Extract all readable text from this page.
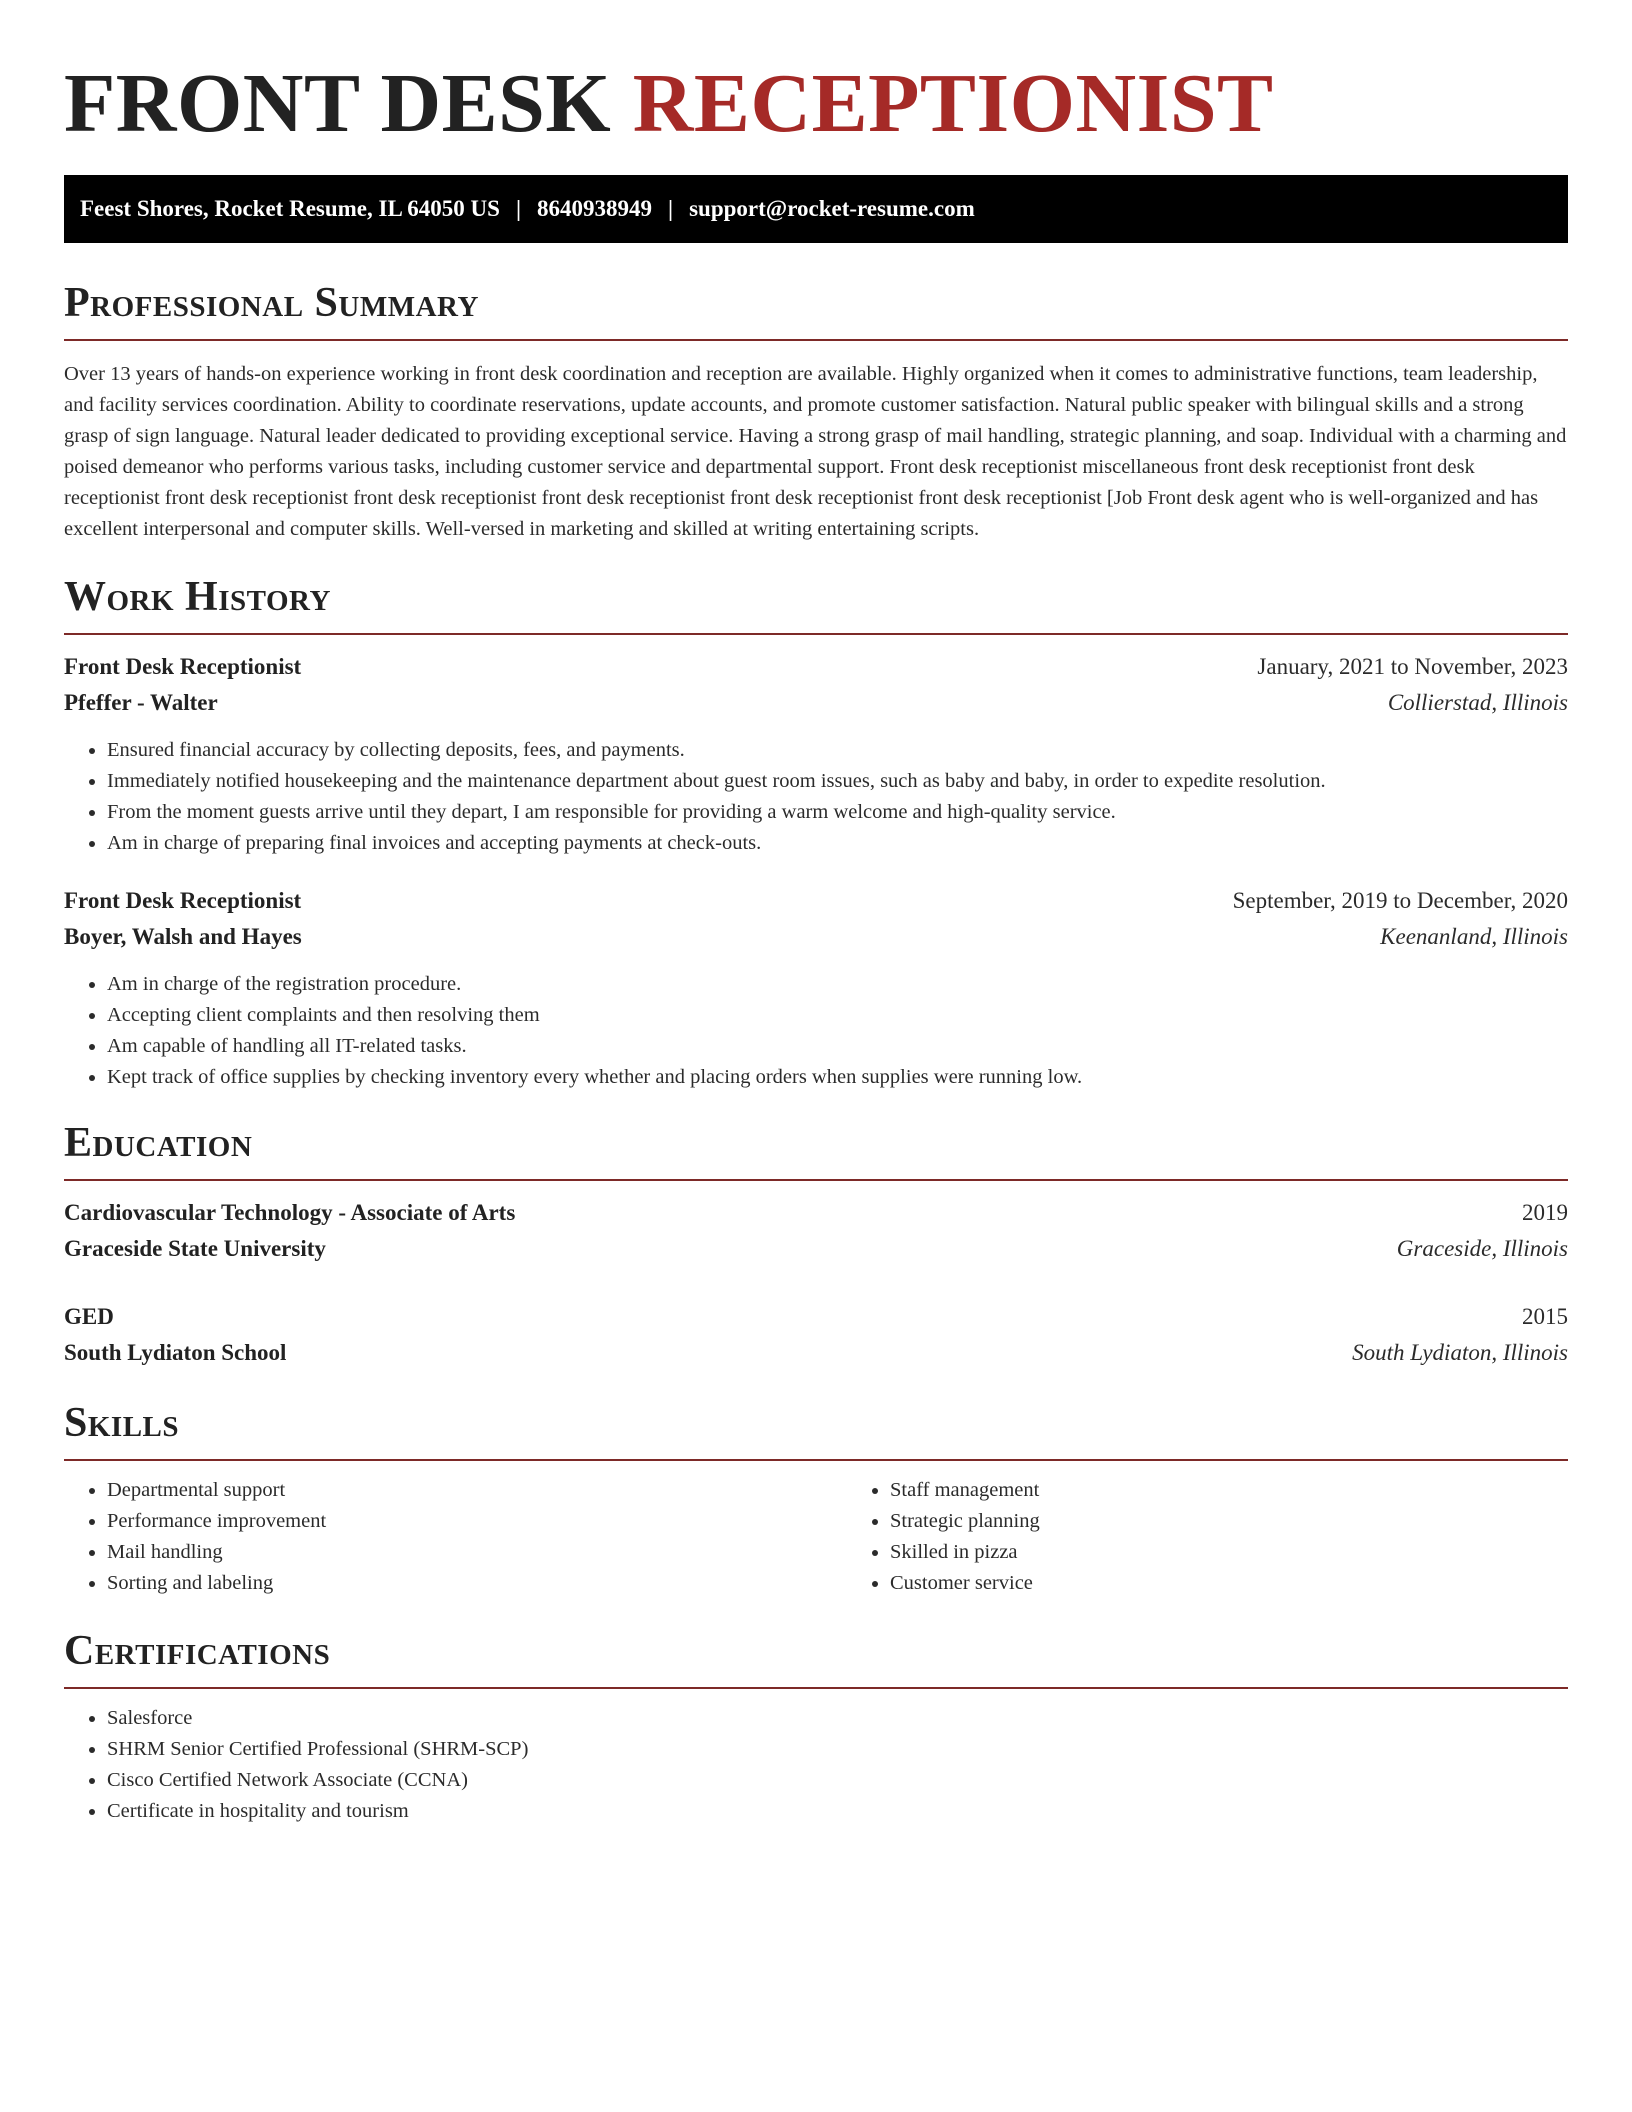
FRONT DESK RECEPTIONIST
Feest Shores, Rocket Resume, IL 64050 US | 8640938949 | support@rocket-resume.com
Professional Summary

Over 13 years of hands-on experience working in front desk coordination and reception are available. Highly organized when it comes to administrative functions, team leadership, and facility services coordination. Ability to coordinate reservations, update accounts, and promote customer satisfaction. Natural public speaker with bilingual skills and a strong grasp of sign language. Natural leader dedicated to providing exceptional service. Having a strong grasp of mail handling, strategic planning, and soap. Individual with a charming and poised demeanor who performs various tasks, including customer service and departmental support. Front desk receptionist miscellaneous front desk receptionist front desk receptionist front desk receptionist front desk receptionist front desk receptionist front desk receptionist front desk receptionist [Job Front desk agent who is well-organized and has excellent interpersonal and computer skills. Well-versed in marketing and skilled at writing entertaining scripts.

Work History
Front Desk Receptionist	January, 2021 to November, 2023
Pfeffer - Walter	Collierstad, Illinois
• Ensured financial accuracy by collecting deposits, fees, and payments.
• Immediately notified housekeeping and the maintenance department about guest room issues, such as baby and baby, in order to expedite resolution.
• From the moment guests arrive until they depart, I am responsible for providing a warm welcome and high-quality service.
• Am in charge of preparing final invoices and accepting payments at check-outs.
Front Desk Receptionist	September, 2019 to December, 2020
Boyer, Walsh and Hayes	Keenanland, Illinois
• Am in charge of the registration procedure.
• Accepting client complaints and then resolving them
• Am capable of handling all IT-related tasks.
• Kept track of office supplies by checking inventory every whether and placing orders when supplies were running low.
Education
Cardiovascular Technology - Associate of Arts	2019
Graceside State University	Graceside, Illinois
GED	2015
South Lydiaton School	South Lydiaton, Illinois
Skills
• Departmental support
• Performance improvement
• Mail handling
• Sorting and labeling
• Staff management
• Strategic planning
• Skilled in pizza
• Customer service
Certifications
• Salesforce
• SHRM Senior Certified Professional (SHRM-SCP)
• Cisco Certified Network Associate (CCNA)
• Certificate in hospitality and tourism
